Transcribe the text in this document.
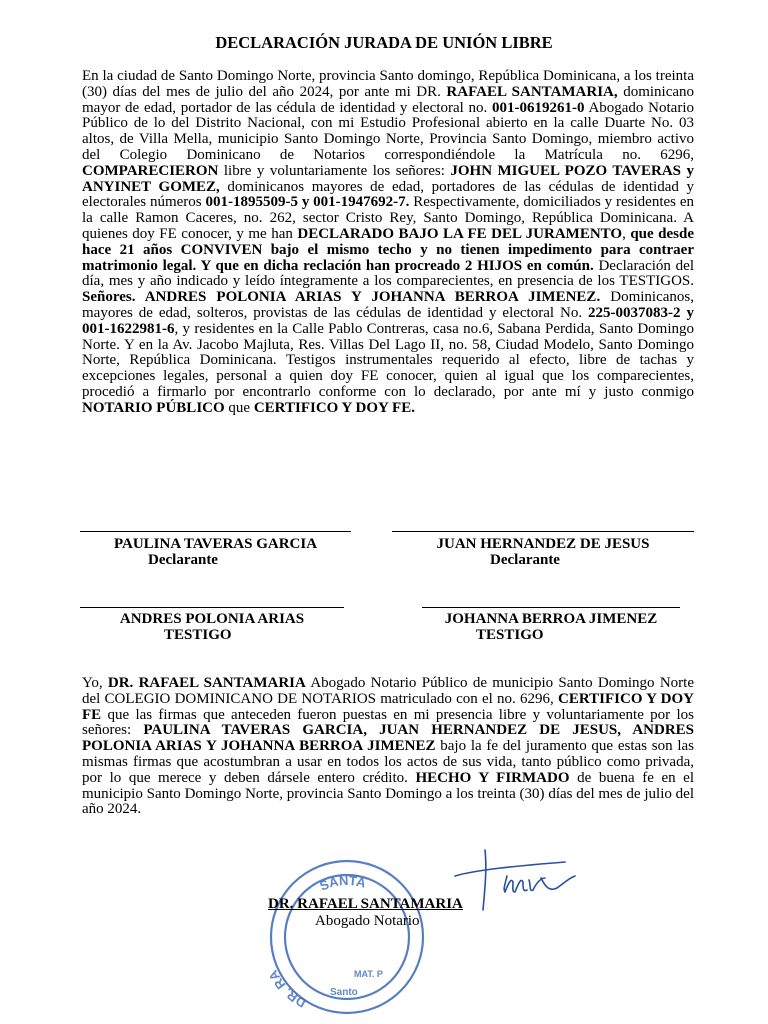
DECLARACIÓN JURADA DE UNIÓN LIBRE

En la ciudad de Santo Domingo Norte, provincia Santo domingo, República Dominicana, a los treinta (30) días del mes de julio del año 2024, por ante mi DR. RAFAEL SANTAMARIA, dominicano mayor de edad, portador de las cédula de identidad y electoral no. 001-0619261-0 Abogado Notario Público de lo del Distrito Nacional, con mi Estudio Profesional abierto en la calle Duarte No. 03 altos, de Villa Mella, municipio Santo Domingo Norte, Provincia Santo Domingo, miembro activo del Colegio Dominicano de Notarios correspondiéndole la Matrícula no. 6296, COMPARECIERON libre y voluntariamente los señores: JOHN MIGUEL POZO TAVERAS y ANYINET GOMEZ, dominicanos mayores de edad, portadores de las cédulas de identidad y electorales números 001-1895509-5 y 001-1947692-7. Respectivamente, domiciliados y residentes en la calle Ramon Caceres, no. 262, sector Cristo Rey, Santo Domingo, República Dominicana. A quienes doy FE conocer, y me han DECLARADO BAJO LA FE DEL JURAMENTO, que desde hace 21 años CONVIVEN bajo el mismo techo y no tienen impedimento para contraer matrimonio legal. Y que en dicha reclación han procreado 2 HIJOS en común. Declaración del día, mes y año indicado y leído íntegramente a los comparecientes, en presencia de los TESTIGOS. Señores. ANDRES POLONIA ARIAS Y JOHANNA BERROA JIMENEZ. Dominicanos, mayores de edad, solteros, provistas de las cédulas de identidad y electoral No. 225-0037083-2 y 001-1622981-6, y residentes en la Calle Pablo Contreras, casa no.6, Sabana Perdida, Santo Domingo Norte. Y en la Av. Jacobo Majluta, Res. Villas Del Lago II, no. 58, Ciudad Modelo, Santo Domingo Norte, República Dominicana. Testigos instrumentales requerido al efecto, libre de tachas y excepciones legales, personal a quien doy FE conocer, quien al igual que los comparecientes, procedió a firmarlo por encontrarlo conforme con lo declarado, por ante mí y justo conmigo NOTARIO PÚBLICO que CERTIFICO Y DOY FE.

PAULINA TAVERAS GARCIA
Declarante
JUAN HERNANDEZ DE JESUS
Declarante
ANDRES POLONIA ARIAS
TESTIGO
JOHANNA BERROA JIMENEZ
TESTIGO

Yo, DR. RAFAEL SANTAMARIA Abogado Notario Público de municipio Santo Domingo Norte del COLEGIO DOMINICANO DE NOTARIOS matriculado con el no. 6296, CERTIFICO Y DOY FE que las firmas que anteceden fueron puestas en mi presencia libre y voluntariamente por los señores: PAULINA TAVERAS GARCIA, JUAN HERNANDEZ DE JESUS, ANDRES POLONIA ARIAS Y JOHANNA BERROA JIMENEZ bajo la fe del juramento que estas son las mismas firmas que acostumbran a usar en todos los actos de sus vida, tanto público como privada, por lo que merece y deben dársele entero crédito. HECHO Y FIRMADO de buena fe en el municipio Santo Domingo Norte, provincia Santo Domingo a los treinta (30) días del mes de julio del año 2024.

SANTA
DR. RA	MAT. P
Santo
DR. RAFAEL SANTAMARIA
Abogado Notario
